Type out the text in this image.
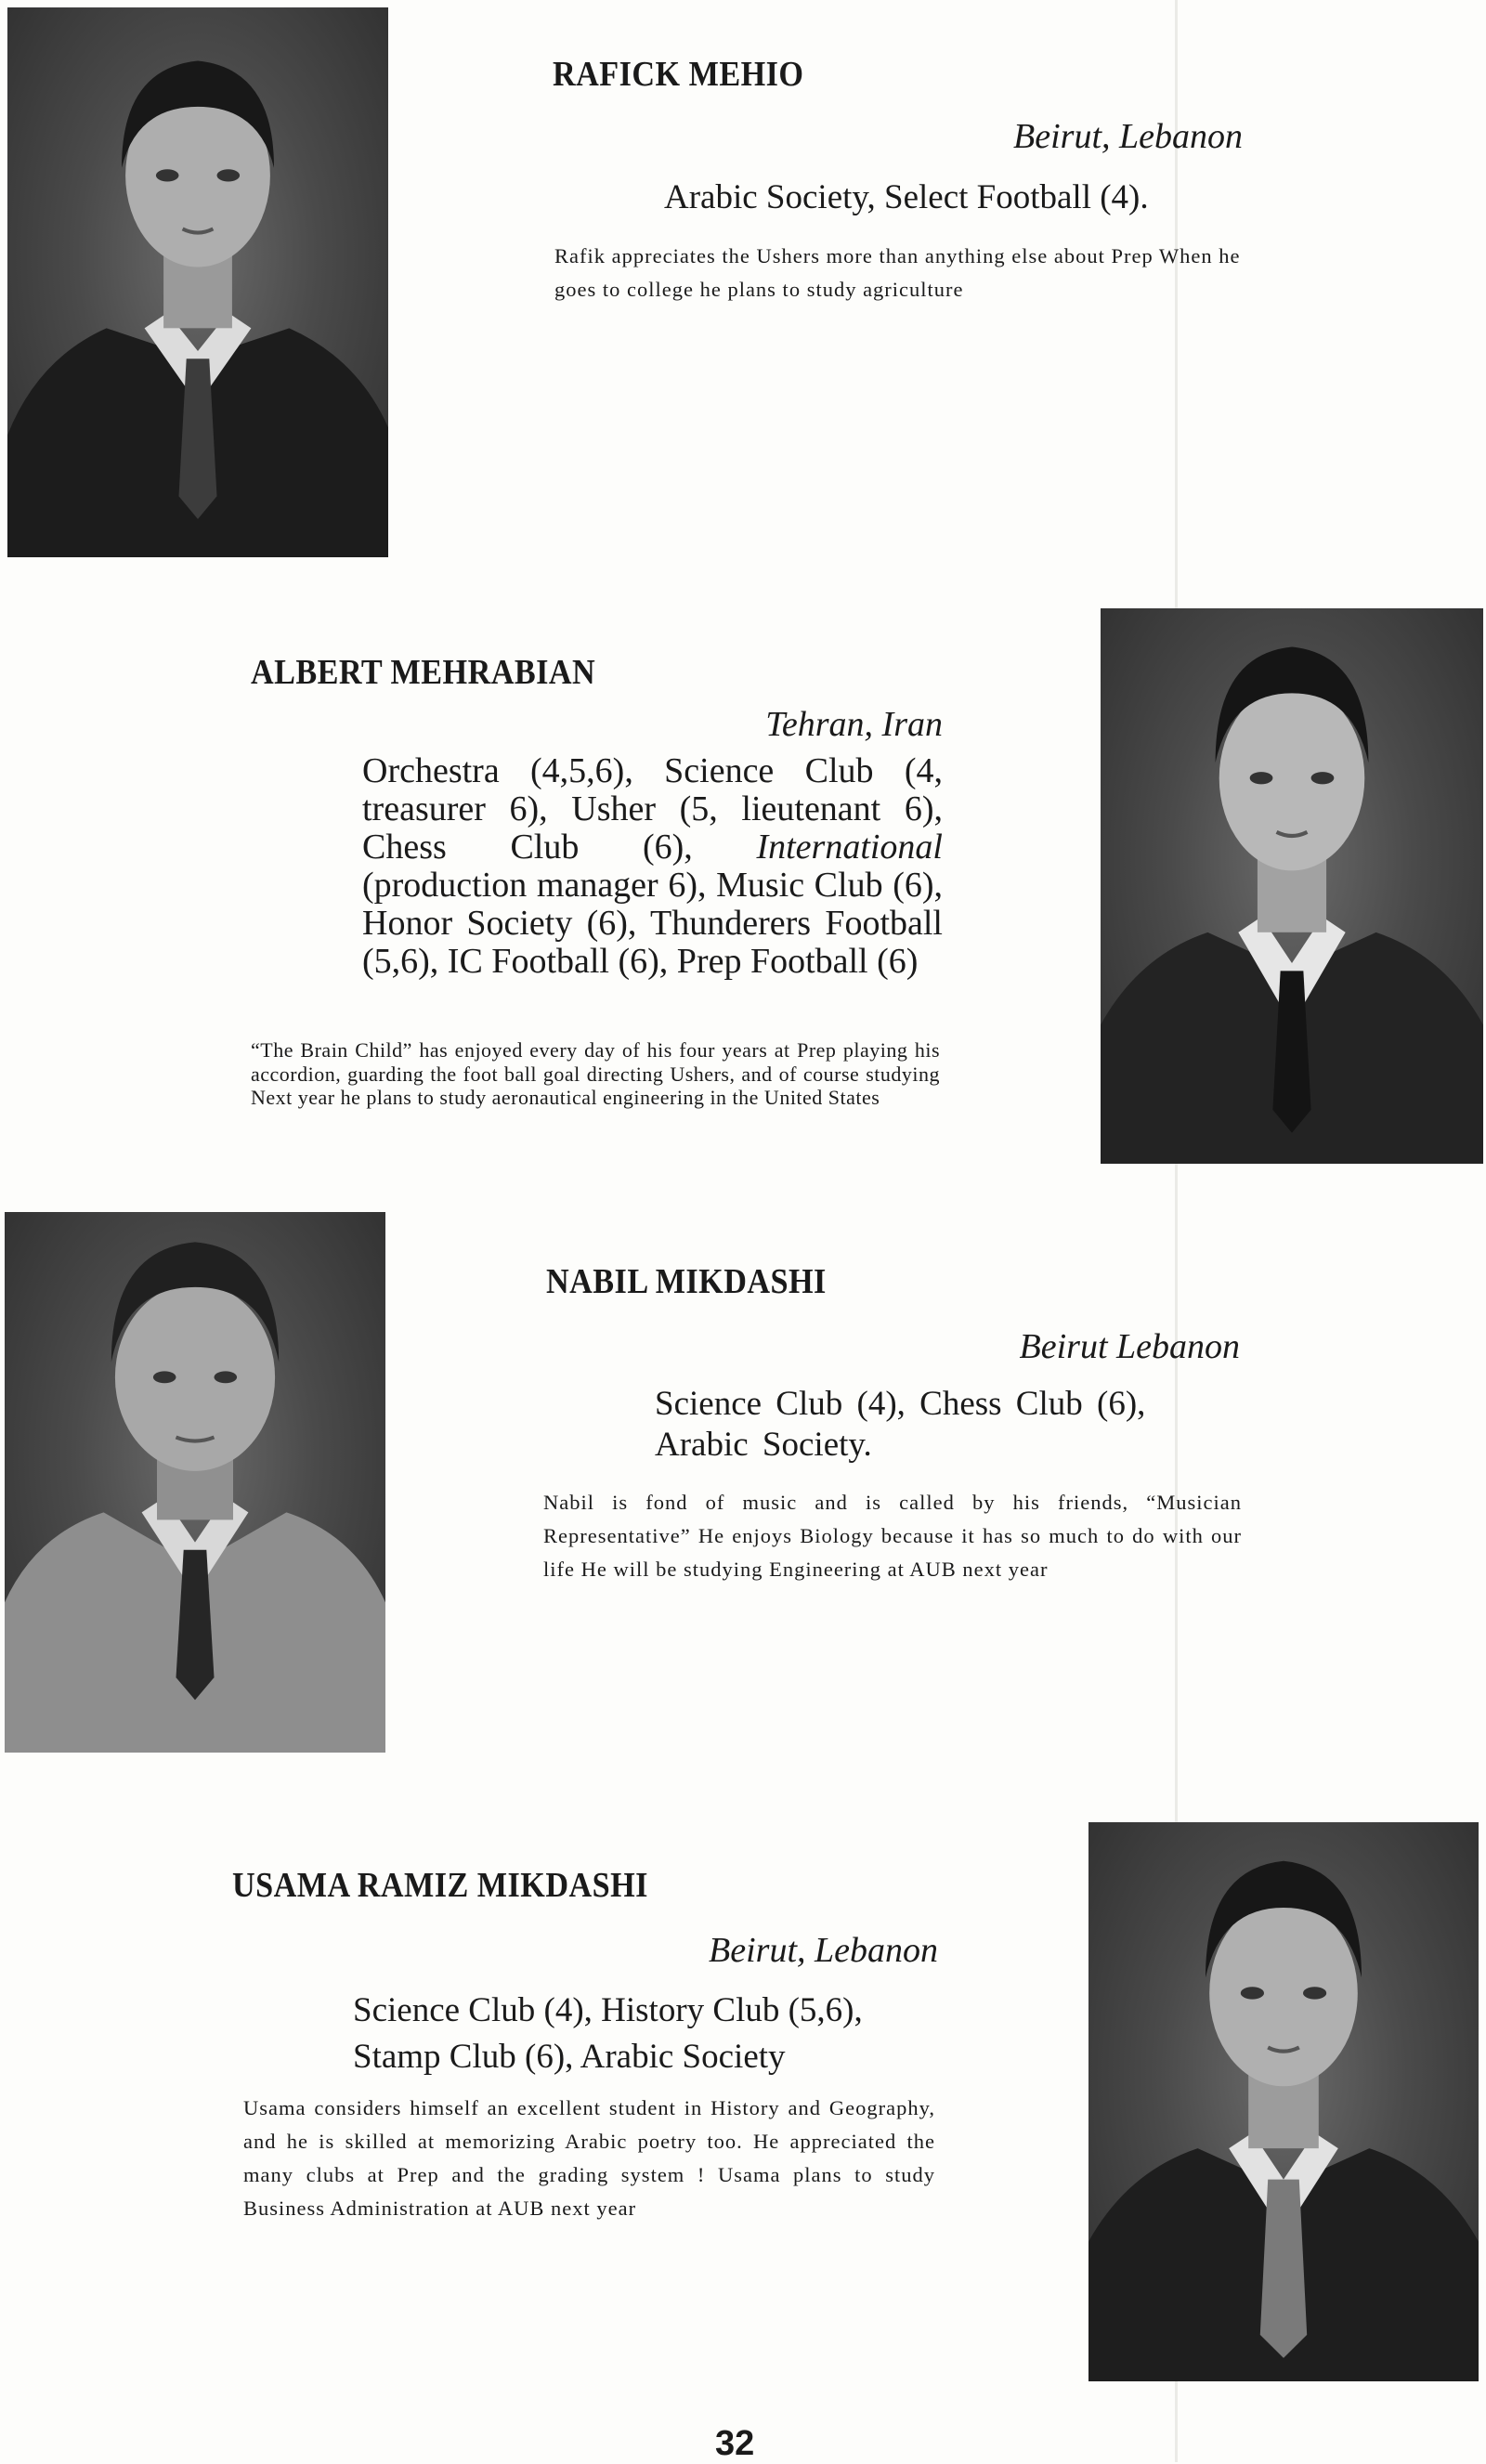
RAFICK MEHIO
Beirut, Lebanon
Arabic Society, Select Football (4).
Rafik appreciates the Ushers more than anything else about Prep When he goes to college he plans to study agriculture
ALBERT MEHRABIAN
Tehran, Iran
Orchestra (4,5,6), Science Club (4, treasurer 6), Usher (5, lieutenant 6), Chess Club (6), International (production manager 6), Music Club (6), Honor Society (6), Thunderers Football (5,6), IC Football (6), Prep Football (6)
“The Brain Child” has enjoyed every day of his four years at Prep playing his accordion, guarding the foot ball goal directing Ushers, and of course studying Next year he plans to study aeronautical engineering in the United States
NABIL MIKDASHI
Beirut Lebanon
Science Club (4), Chess Club (6), Arabic Society.
Nabil is fond of music and is called by his friends, “Musician Representative” He enjoys Biology because it has so much to do with our life He will be studying Engineering at AUB next year
USAMA RAMIZ MIKDASHI
Beirut, Lebanon
Science Club (4), History Club (5,6), Stamp Club (6), Arabic Society
Usama considers himself an excellent student in History and Geography, and he is skilled at memorizing Arabic poetry too. He appreciated the many clubs at Prep and the grading system ! Usama plans to study Business Administration at AUB next year
32
